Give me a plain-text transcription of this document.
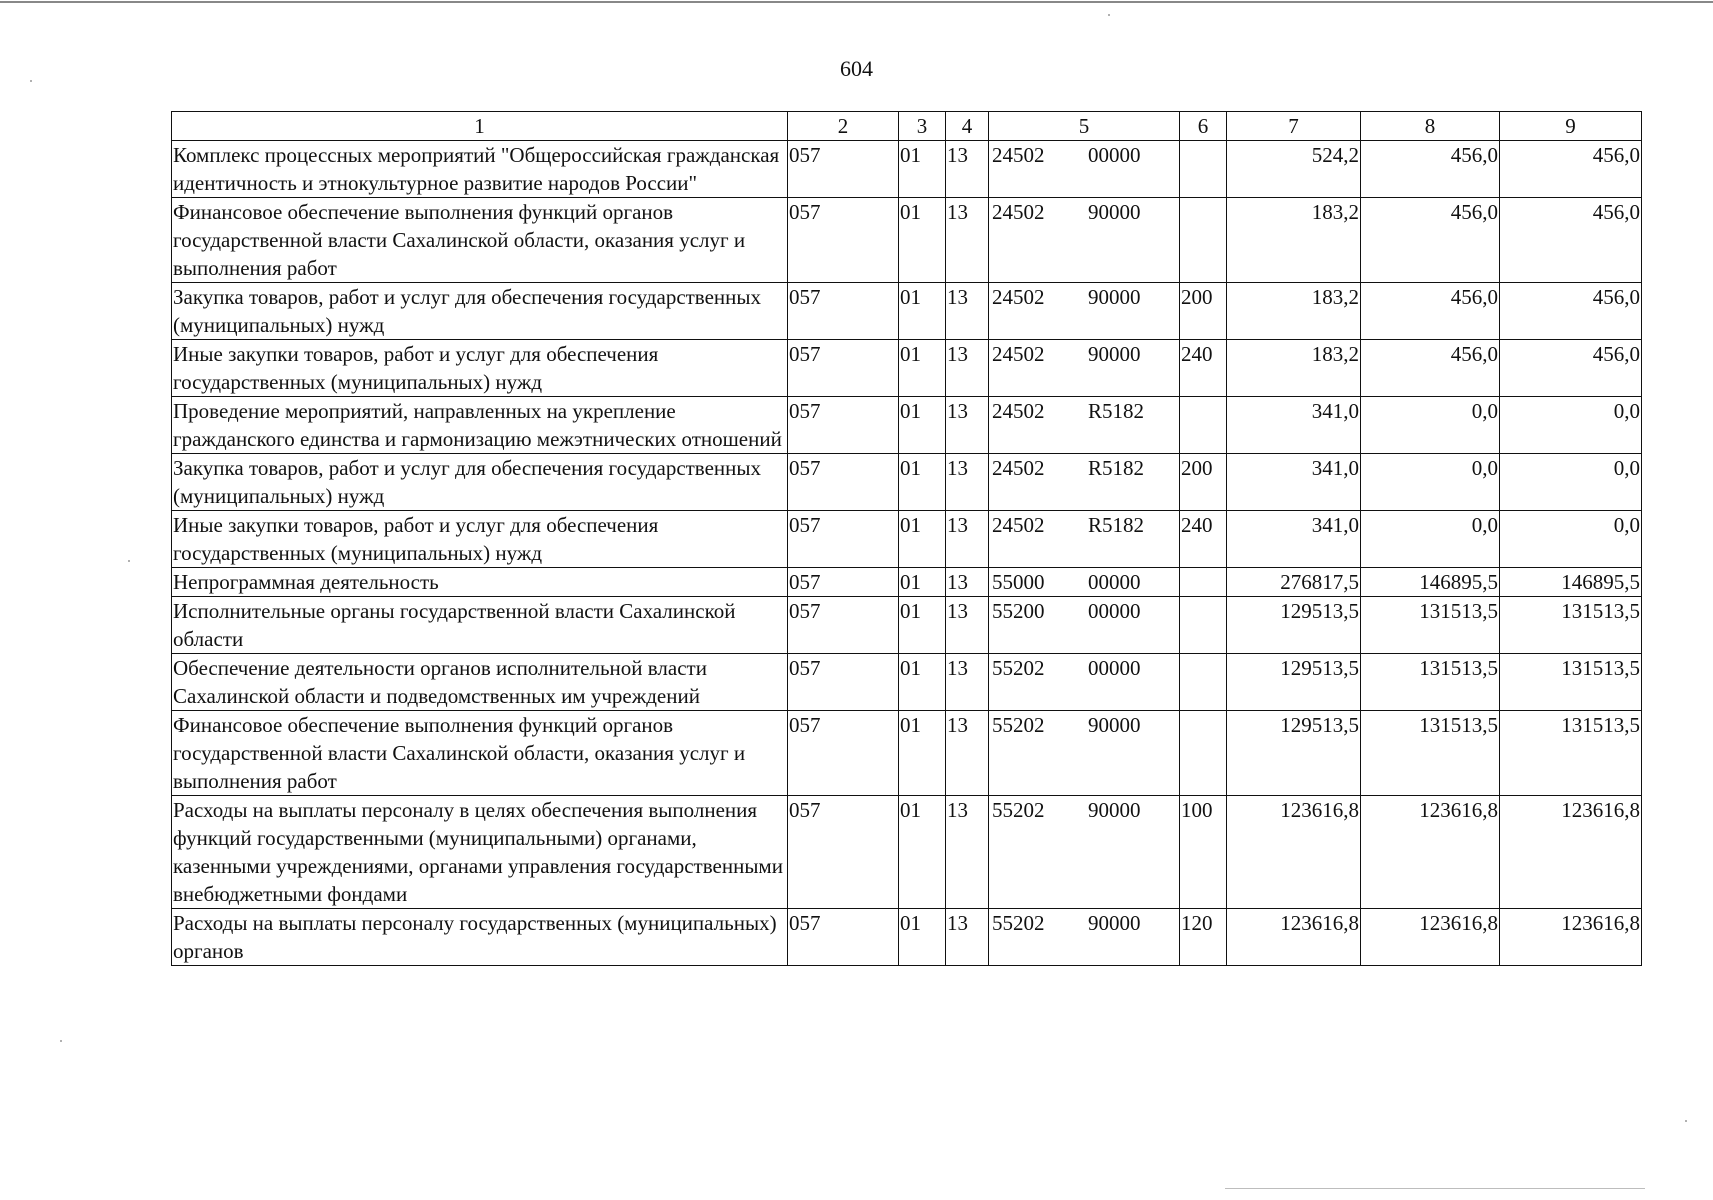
604
1	2	3	4	5	6	7	8	9
Комплекс процессных мероприятий "Общероссийская гражданская идентичность и этнокультурное развитие народов России"	057	01	13	24502 00000		524,2	456,0	456,0
Финансовое обеспечение выполнения функций органов государственной власти Сахалинской области, оказания услуг и выполнения работ	057	01	13	24502 90000		183,2	456,0	456,0
Закупка товаров, работ и услуг для обеспечения государственных (муниципальных) нужд	057	01	13	24502 90000	200	183,2	456,0	456,0
Иные закупки товаров, работ и услуг для обеспечения государственных (муниципальных) нужд	057	01	13	24502 90000	240	183,2	456,0	456,0
Проведение мероприятий, направленных на укрепление гражданского единства и гармонизацию межэтнических отношений	057	01	13	24502 R5182		341,0	0,0	0,0
Закупка товаров, работ и услуг для обеспечения государственных (муниципальных) нужд	057	01	13	24502 R5182	200	341,0	0,0	0,0
Иные закупки товаров, работ и услуг для обеспечения государственных (муниципальных) нужд	057	01	13	24502 R5182	240	341,0	0,0	0,0
Непрограммная деятельность	057	01	13	55000 00000		276817,5	146895,5	146895,5
Исполнительные органы государственной власти Сахалинской области	057	01	13	55200 00000		129513,5	131513,5	131513,5
Обеспечение деятельности органов исполнительной власти Сахалинской области и подведомственных им учреждений	057	01	13	55202 00000		129513,5	131513,5	131513,5
Финансовое обеспечение выполнения функций органов государственной власти Сахалинской области, оказания услуг и выполнения работ	057	01	13	55202 90000		129513,5	131513,5	131513,5
Расходы на выплаты персоналу в целях обеспечения выполнения функций государственными (муниципальными) органами, казенными учреждениями, органами управления государственными внебюджетными фондами	057	01	13	55202 90000	100	123616,8	123616,8	123616,8
Расходы на выплаты персоналу государственных (муниципальных) органов	057	01	13	55202 90000	120	123616,8	123616,8	123616,8
